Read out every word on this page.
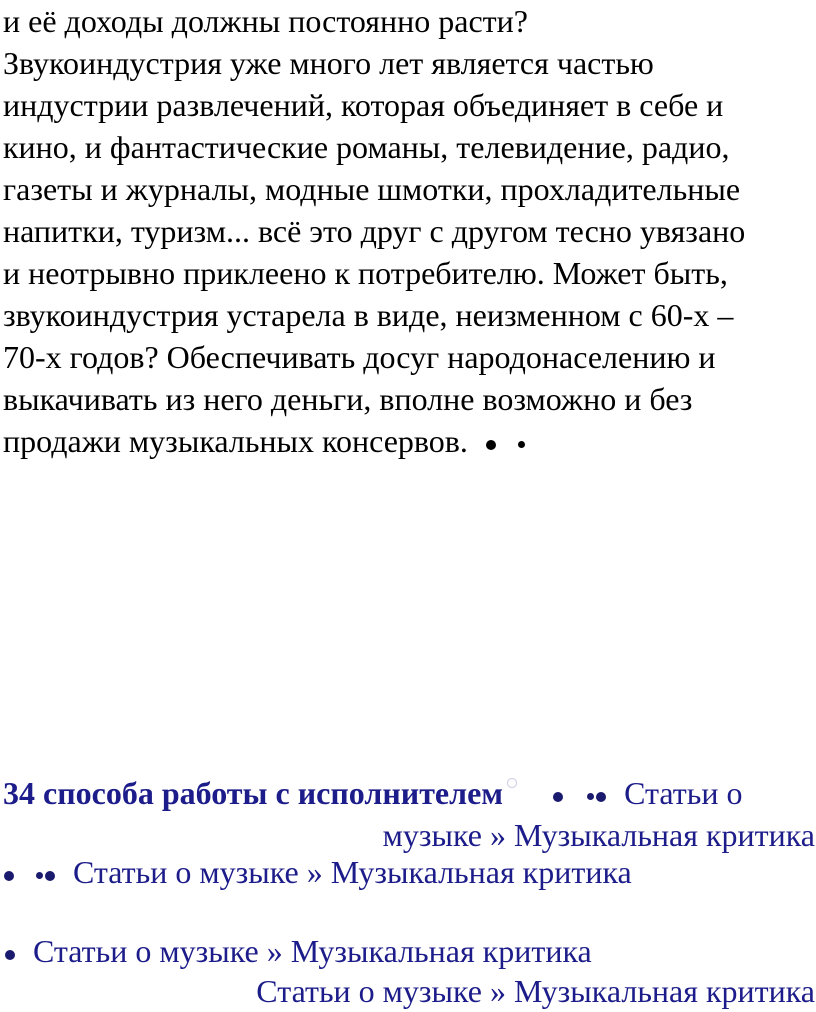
и её доходы должны постоянно расти?
Звукоиндустрия уже много лет является частью
индустрии развлечений, которая объединяет в себе и
кино, и фантастические романы, телевидение, радио,
газеты и журналы, модные шмотки, прохладительные
напитки, туризм... всё это друг с другом тесно увязано
и неотрывно приклеено к потребителю. Может быть,
звукоиндустрия устарела в виде, неизменном с 60-х –
70-х годов? Обеспечивать досуг народонаселению и
выкачивать из него деньги, вполне возможно и без
продажи музыкальных консервов.
34 способа работы с исполнителем	Статьи о
музыке » Музыкальная критика
Статьи о музыке » Музыкальная критика
Статьи о музыке » Музыкальная критика
Статьи о музыке » Музыкальная критика
